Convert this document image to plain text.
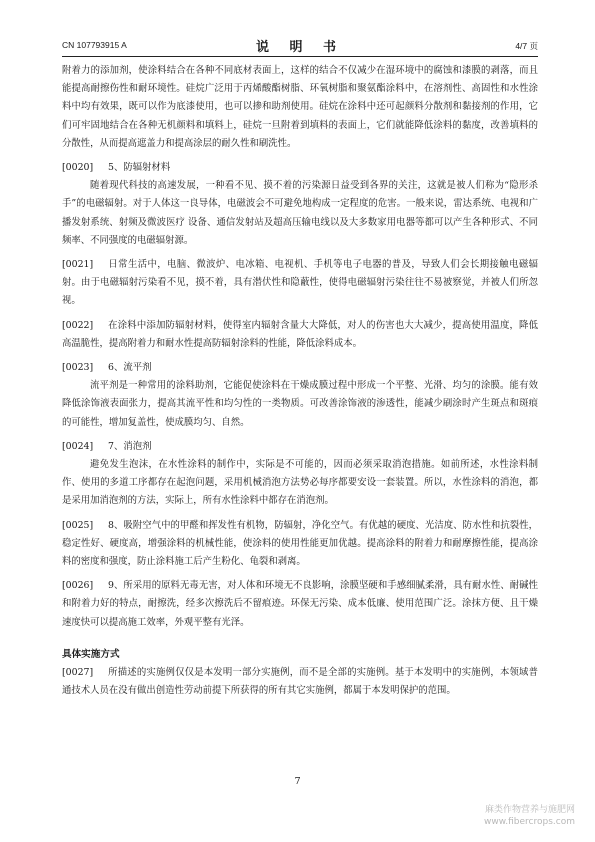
CN 107793915 A	说 明 书	4/7 页

附着力的添加剂，使涂料结合在各种不同底材表面上，这样的结合不仅减少在湿环境中的腐蚀和漆膜的剥落，而且能提高耐擦伤性和耐环境性。硅烷广泛用于丙烯酸酯树脂、环氧树脂和聚氨酯涂料中，在溶剂性、高固性和水性涂料中均有效果，既可以作为底漆使用，也可以掺和助剂使用。硅烷在涂料中还可起颜料分散剂和黏接剂的作用，它们可牢固地结合在各种无机颜料和填料上，硅烷一旦附着到填料的表面上，它们就能降低涂料的黏度，改善填料的分散性，从而提高遮盖力和提高涂层的耐久性和刷洗性。

[0020] 5、防辐射材料

随着现代科技的高速发展，一种看不见、摸不着的污染源日益受到各界的关注，这就是被人们称为“隐形杀手”的电磁辐射。对于人体这一良导体，电磁波会不可避免地构成一定程度的危害。一般来说，雷达系统、电视和广播发射系统、射频及微波医疗 设备、通信发射站及超高压输电线以及大多数家用电器等都可以产生各种形式、不同频率、不同强度的电磁辐射源。

[0021] 日常生活中，电脑、微波炉、电冰箱、电视机、手机等电子电器的普及，导致人们会长期接触电磁辐射。由于电磁辐射污染看不见，摸不着，具有潜伏性和隐蔽性，使得电磁辐射污染往往不易被察觉，并被人们所忽视。

[0022] 在涂料中添加防辐射材料，使得室内辐射含量大大降低，对人的伤害也大大减少，提高使用温度，降低高温脆性，提高附着力和耐水性提高防辐射涂料的性能，降低涂料成本。

[0023] 6、流平剂

流平剂是一种常用的涂料助剂，它能促使涂料在干燥成膜过程中形成一个平整、光滑、均匀的涂膜。能有效降低涂饰液表面张力，提高其流平性和均匀性的一类物质。可改善涂饰液的渗透性，能减少刷涂时产生斑点和斑痕的可能性，增加复盖性，使成膜均匀、自然。

[0024] 7、消泡剂

避免发生泡沫，在水性涂料的制作中，实际是不可能的，因而必须采取消泡措施。如前所述，水性涂料制作、使用的多道工序都存在起泡问题，采用机械消泡方法势必每序都要安设一套装置。所以，水性涂料的消泡，都是采用加消泡剂的方法，实际上，所有水性涂料中都存在消泡剂。

[0025] 8、吸附空气中的甲醛和挥发性有机物，防辐射，净化空气。有优越的硬度、光洁度、防水性和抗裂性，稳定性好、硬度高，增强涂料的机械性能，使涂料的使用性能更加优越。提高涂料的附着力和耐摩擦性能，提高涂料的密度和强度，防止涂料施工后产生粉化、龟裂和剥离。

[0026] 9、所采用的原料无毒无害，对人体和环境无不良影响，涂膜坚硬和手感细腻柔滑，具有耐水性、耐碱性和附着力好的特点，耐擦洗，经多次擦洗后不留痕迹。环保无污染、成本低廉、使用范围广泛。涂抹方便、且干燥速度快可以提高施工效率，外观平整有光泽。

具体实施方式

[0027] 所描述的实施例仅仅是本发明一部分实施例，而不是全部的实施例。基于本发明中的实施例，本领域普通技术人员在没有做出创造性劳动前提下所获得的所有其它实施例，都属于本发明保护的范围。

7
麻类作物营养与施肥网
www.fibercrops.com
